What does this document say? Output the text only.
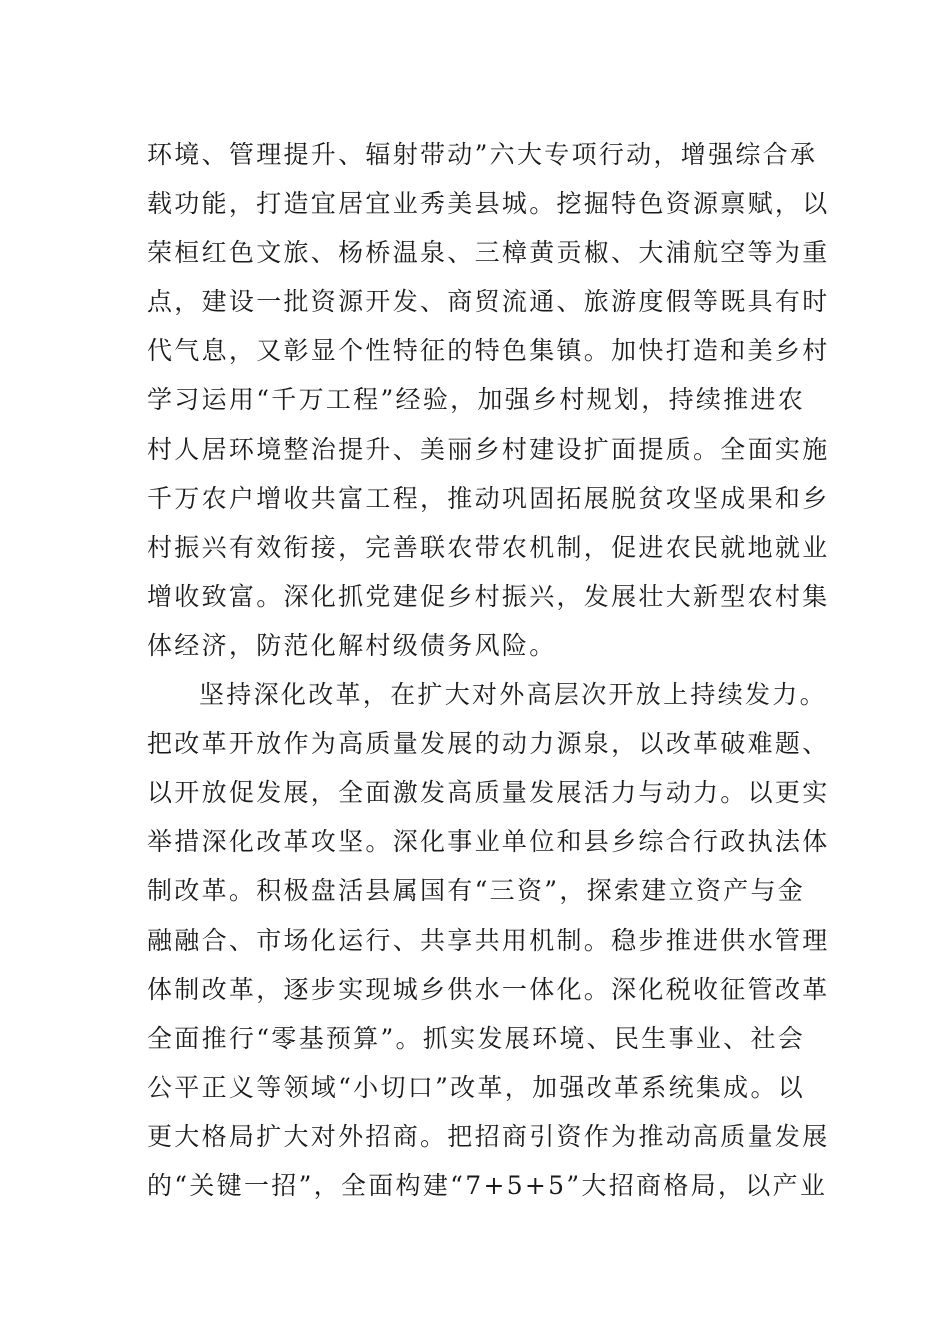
环境、管理提升、辐射带动”六大专项行动，增强综合承
载功能，打造宜居宜业秀美县城。挖掘特色资源禀赋，以
荣桓红色文旅、杨桥温泉、三樟黄贡椒、大浦航空等为重
点，建设一批资源开发、商贸流通、旅游度假等既具有时
代气息，又彰显个性特征的特色集镇。加快打造和美乡村
学习运用“千万工程”经验，加强乡村规划，持续推进农
村人居环境整治提升、美丽乡村建设扩面提质。全面实施
千万农户增收共富工程，推动巩固拓展脱贫攻坚成果和乡
村振兴有效衔接，完善联农带农机制，促进农民就地就业
增收致富。深化抓党建促乡村振兴，发展壮大新型农村集
体经济，防范化解村级债务风险。
坚持深化改革，在扩大对外高层次开放上持续发力。
把改革开放作为高质量发展的动力源泉，以改革破难题、
以开放促发展，全面激发高质量发展活力与动力。以更实
举措深化改革攻坚。深化事业单位和县乡综合行政执法体
制改革。积极盘活县属国有“三资”，探索建立资产与金
融融合、市场化运行、共享共用机制。稳步推进供水管理
体制改革，逐步实现城乡供水一体化。深化税收征管改革
全面推行“零基预算”。抓实发展环境、民生事业、社会
公平正义等领域“小切口”改革，加强改革系统集成。以
更大格局扩大对外招商。把招商引资作为推动高质量发展
的“关键一招”，全面构建“7+5+5”大招商格局，以产业
